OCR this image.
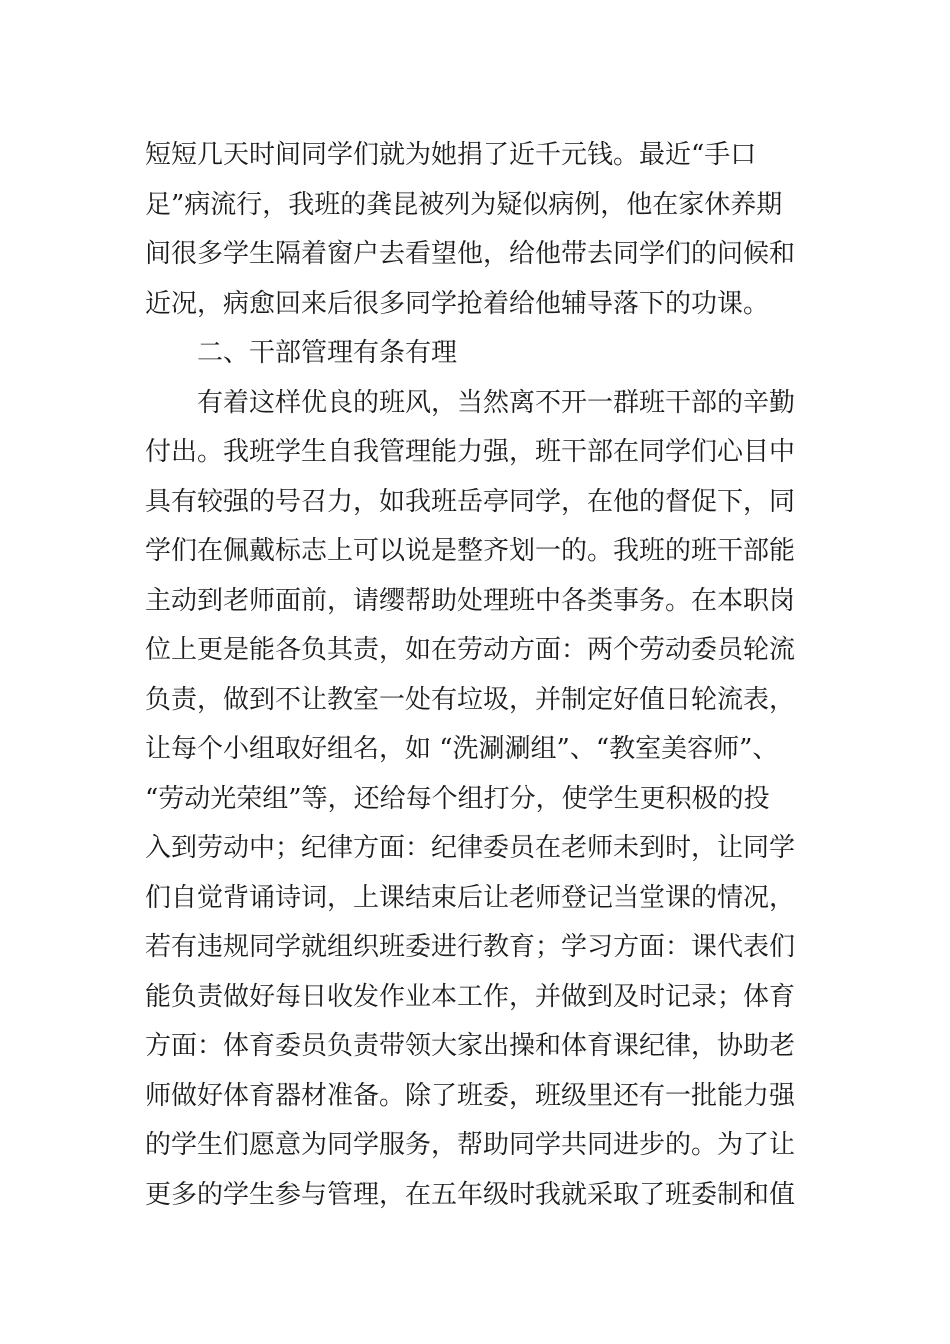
短短几天时间同学们就为她捐了近千元钱。最近“手口
足”病流行，我班的龚昆被列为疑似病例，他在家休养期
间很多学生隔着窗户去看望他，给他带去同学们的问候和
近况，病愈回来后很多同学抢着给他辅导落下的功课。
二、干部管理有条有理
有着这样优良的班风，当然离不开一群班干部的辛勤
付出。我班学生自我管理能力强，班干部在同学们心目中
具有较强的号召力，如我班岳亭同学，在他的督促下，同
学们在佩戴标志上可以说是整齐划一的。我班的班干部能
主动到老师面前，请缨帮助处理班中各类事务。在本职岗
位上更是能各负其责，如在劳动方面：两个劳动委员轮流
负责，做到不让教室一处有垃圾，并制定好值日轮流表，
让每个小组取好组名，如 “洗涮涮组”、“教室美容师”、
“劳动光荣组”等，还给每个组打分，使学生更积极的投
入到劳动中；纪律方面：纪律委员在老师未到时，让同学
们自觉背诵诗词，上课结束后让老师登记当堂课的情况，
若有违规同学就组织班委进行教育；学习方面：课代表们
能负责做好每日收发作业本工作，并做到及时记录；体育
方面：体育委员负责带领大家出操和体育课纪律，协助老
师做好体育器材准备。除了班委，班级里还有一批能力强
的学生们愿意为同学服务，帮助同学共同进步的。为了让
更多的学生参与管理，在五年级时我就采取了班委制和值
